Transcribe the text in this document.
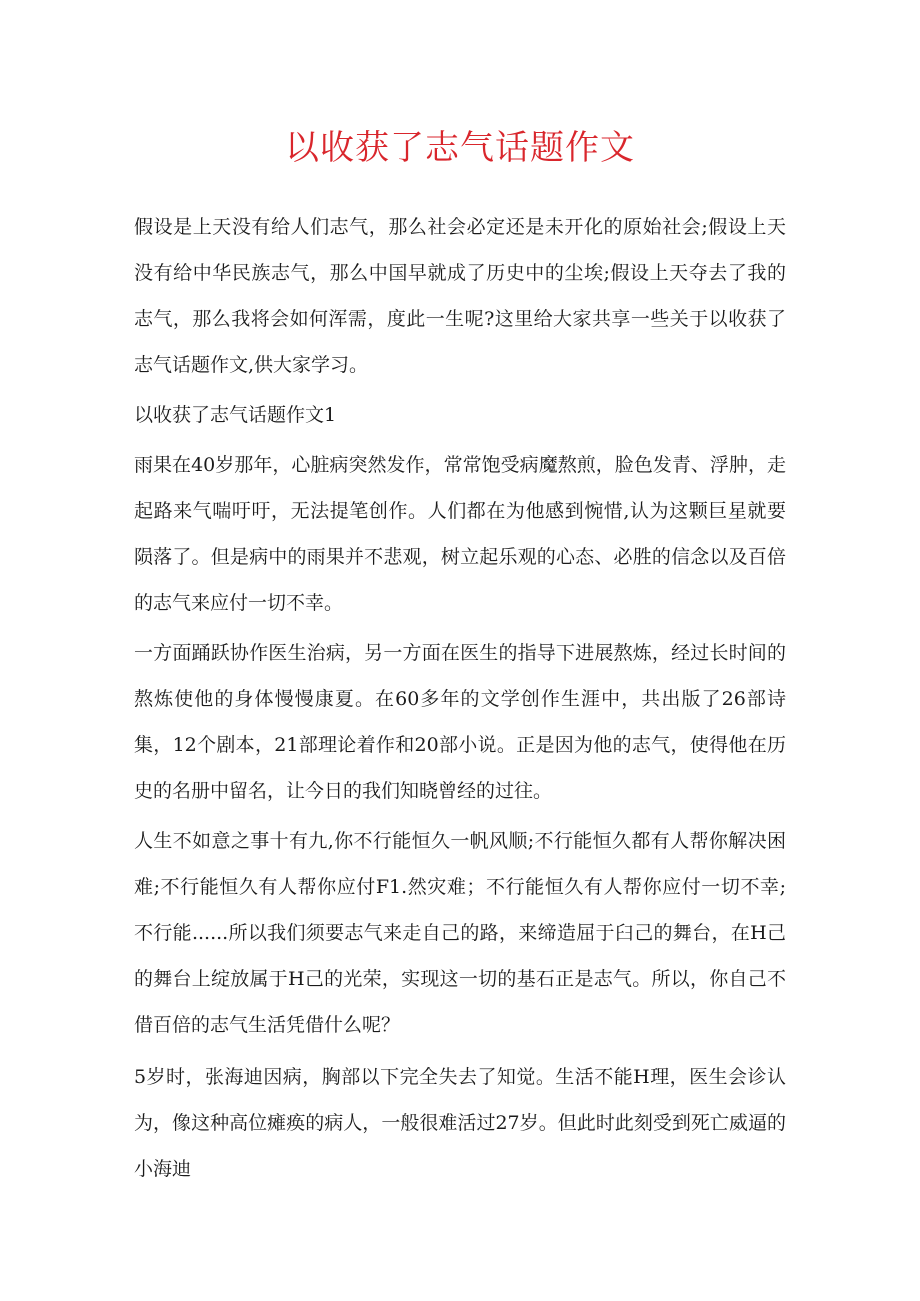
以收获了志气话题作文

假设是上天没有给人们志气，那么社会必定还是未开化的原始社会;假设上天没有给中华民族志气，那么中国早就成了历史中的尘埃;假设上天夺去了我的志气，那么我将会如何浑需，度此一生呢?这里给大家共享一些关于以收获了志气话题作文,供大家学习。

以收获了志气话题作文1

雨果在40岁那年，心脏病突然发作，常常饱受病魔熬煎，脸色发青、浮肿，走起路来气喘吁吁，无法提笔创作。人们都在为他感到惋惜,认为这颗巨星就要陨落了。但是病中的雨果并不悲观，树立起乐观的心态、必胜的信念以及百倍的志气来应付一切不幸。

一方面踊跃协作医生治病，另一方面在医生的指导下进展熬炼，经过长时间的熬炼使他的身体慢慢康夏。在60多年的文学创作生涯中，共出版了26部诗集，12个剧本，21部理论着作和20部小说。正是因为他的志气，使得他在历史的名册中留名，让今日的我们知晓曾经的过往。

人生不如意之事十有九,你不行能恒久一帆风顺;不行能恒久都有人帮你解决困难;不行能恒久有人帮你应付F1.然灾难；不行能恒久有人帮你应付一切不幸;不行能......所以我们须要志气来走自己的路，来缔造屈于臼己的舞台，在H己的舞台上绽放属于H己的光荣，实现这一切的基石正是志气。所以，你自己不借百倍的志气生活凭借什么呢？

5岁时，张海迪因病，胸部以下完全失去了知觉。生活不能H理，医生会诊认为，像这种高位瘫痪的病人，一般很难活过27岁。但此时此刻受到死亡威逼的小海迪
